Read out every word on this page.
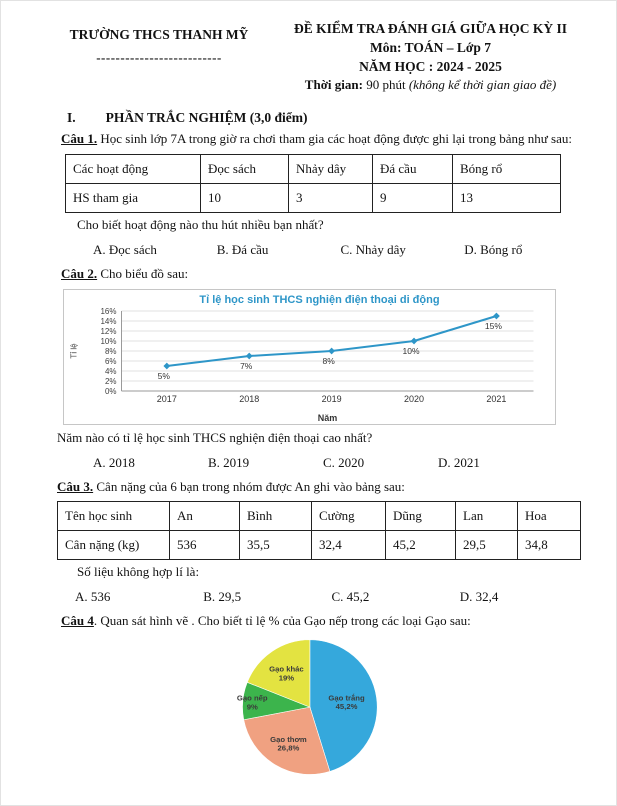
TRƯỜNG THCS THANH MỸ
--------------------------
ĐỀ KIỂM TRA ĐÁNH GIÁ GIỮA HỌC KỲ II
Môn: TOÁN – Lớp 7
NĂM HỌC : 2024 - 2025
Thời gian: 90 phút (không kể thời gian giao đề)
I. PHẦN TRẮC NGHIỆM (3,0 điểm)

Câu 1. Học sinh lớp 7A trong giờ ra chơi tham gia các hoạt động được ghi lại trong bảng như sau:

Các hoạt động	Đọc sách	Nhảy dây	Đá cầu	Bóng rổ
HS tham gia	10	3	9	13

Cho biết hoạt động nào thu hút nhiều bạn nhất?

A. Đọc sách	B. Đá cầu	C. Nhảy dây	D. Bóng rổ

Câu 2. Cho biểu đồ sau:

Tỉ lệ học sinh THCS nghiện điện thoại di động
0%
2%
4%
6%
8%
10%
12%
14%
16%
Tỉ lệ
5%
2017
7%
2018
8%
2019
10%
2020
15%
2021
Năm

Năm nào có tỉ lệ học sinh THCS nghiện điện thoại cao nhất?

A. 2018	B. 2019	C. 2020	D. 2021

Câu 3. Cân nặng của 6 bạn trong nhóm được An ghi vào bảng sau:

Tên học sinh	An	Bình	Cường	Dũng	Lan	Hoa
Cân nặng (kg)	536	35,5	32,4	45,2	29,5	34,8

Số liệu không hợp lí là:

A. 536	B. 29,5	C. 45,2	D. 32,4

Câu 4. Quan sát hình vẽ . Cho biết tỉ lệ % của Gạo nếp trong các loại Gạo sau:

Gạo trắng
45,2%
Gạo thơm
26,8%
Gạo nếp
9%
Gạo khác
19%
